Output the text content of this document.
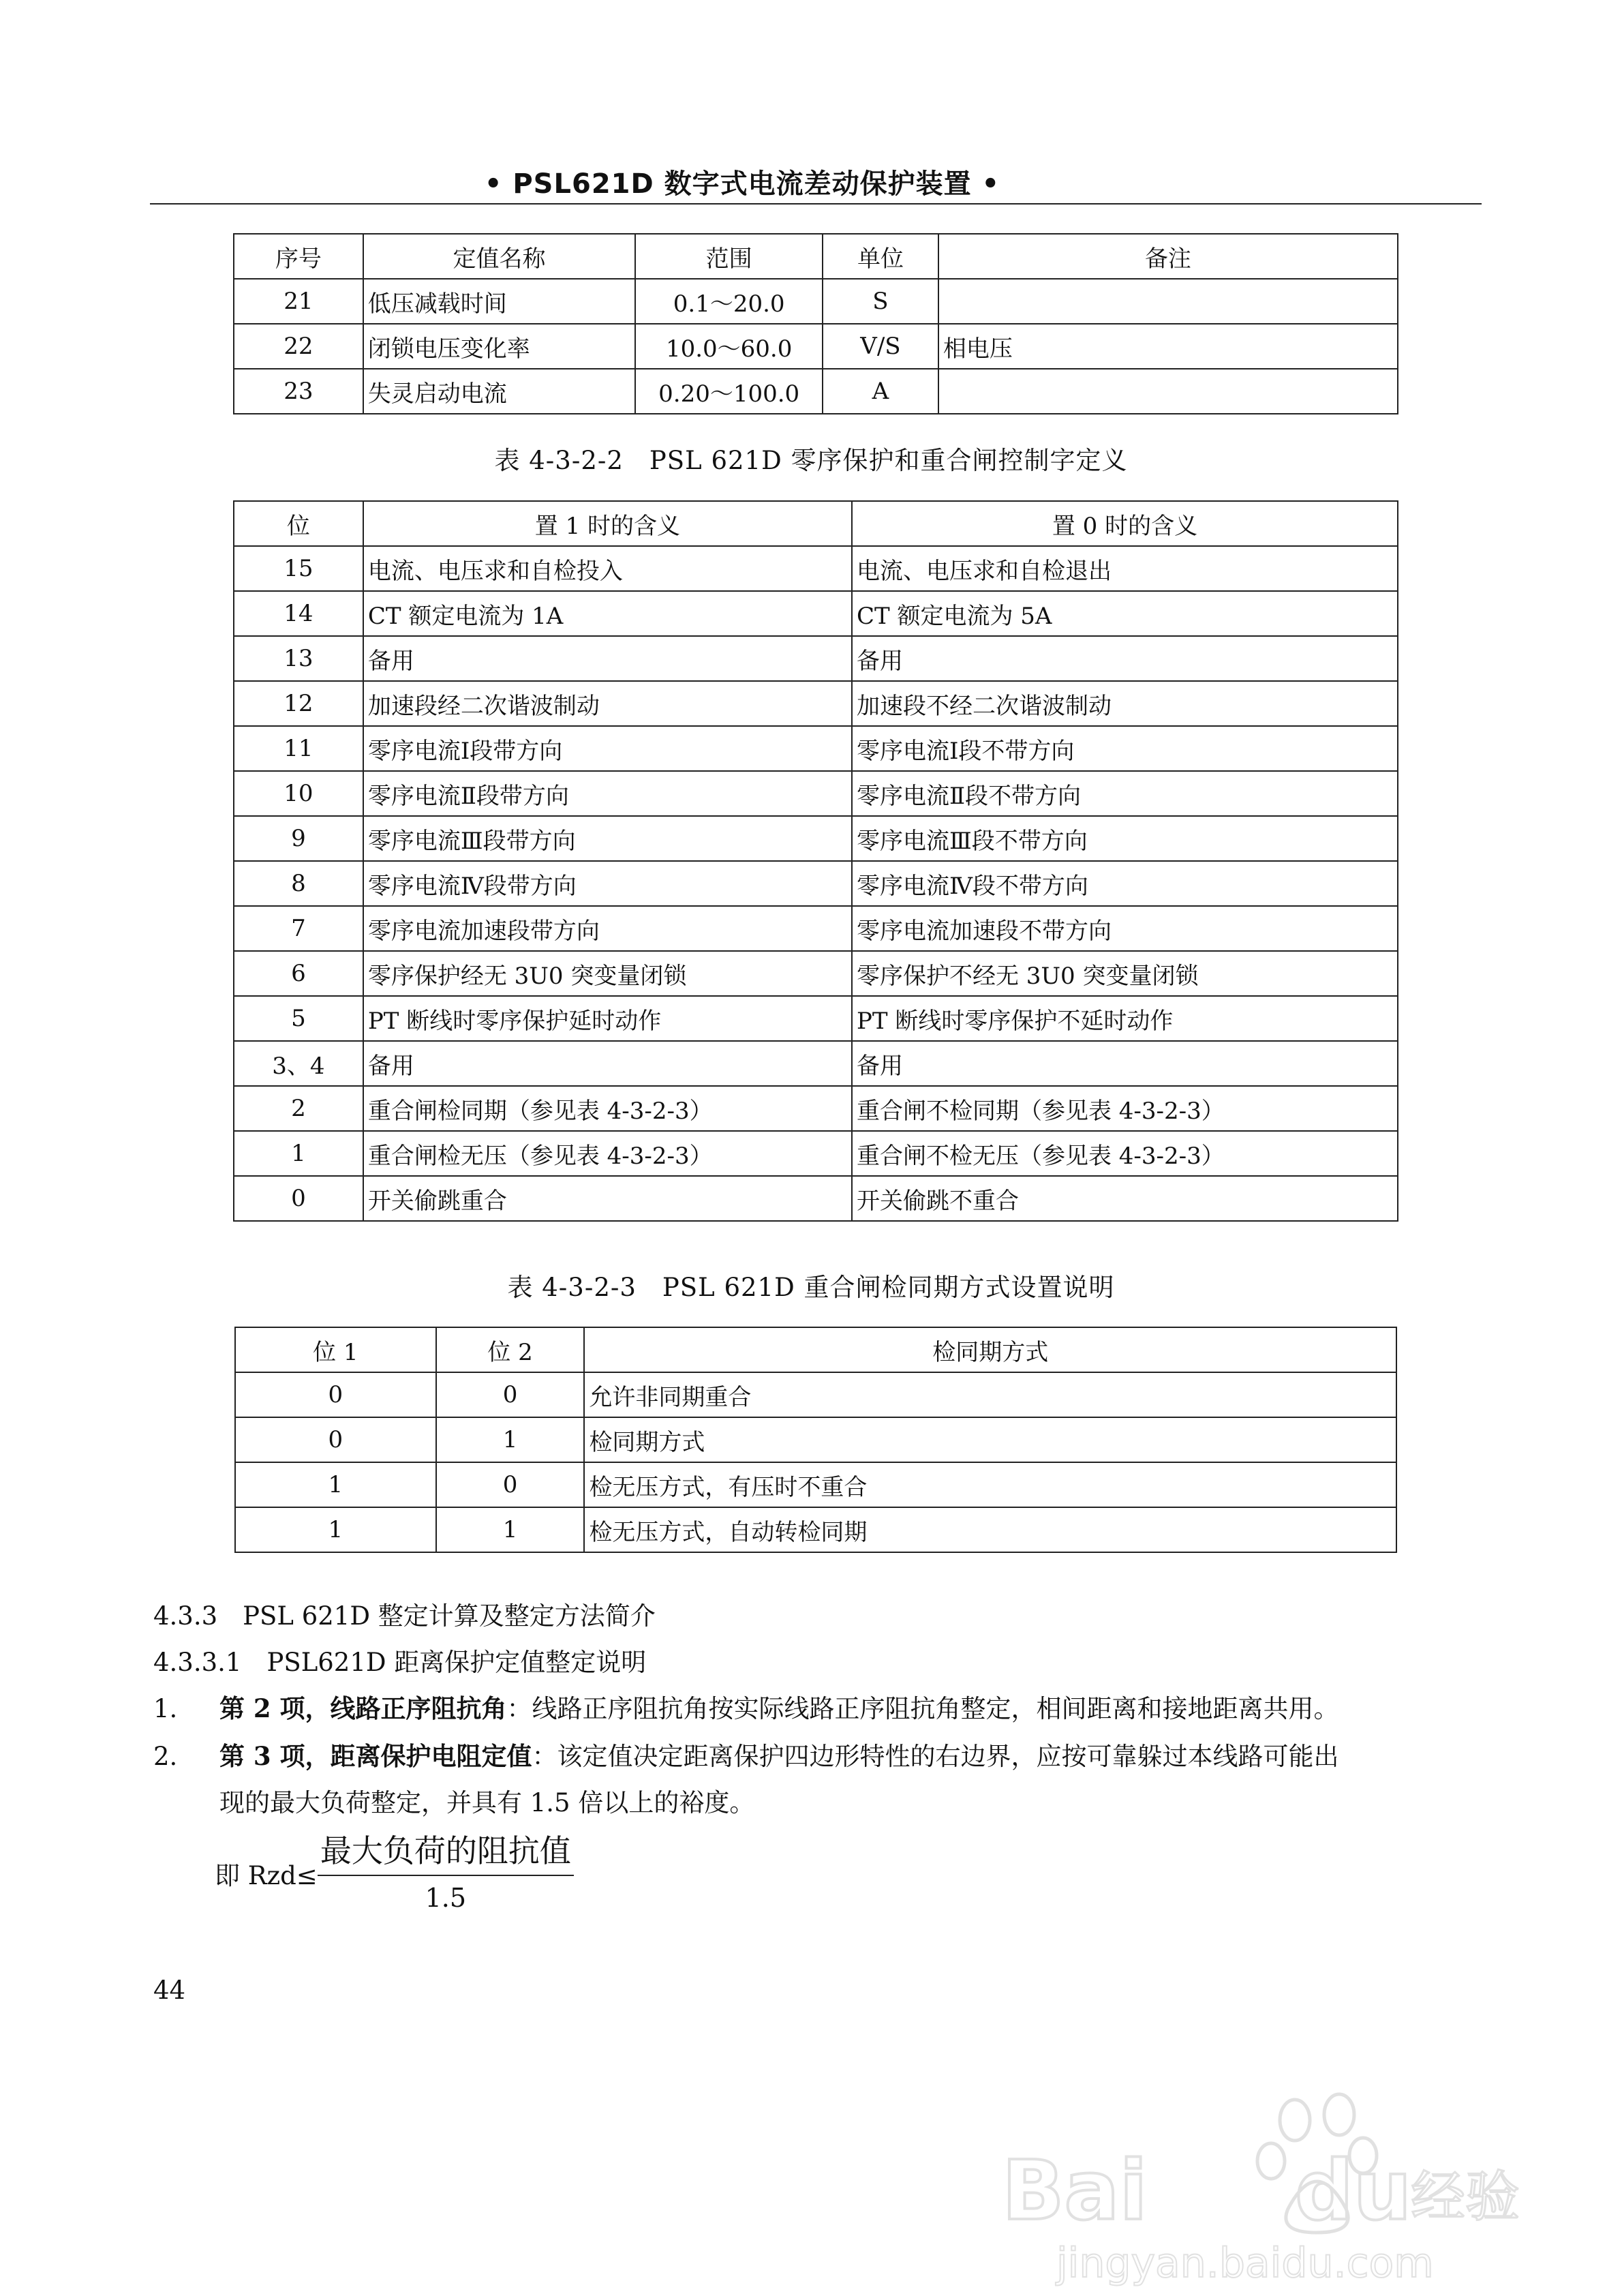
• PSL621D 数字式电流差动保护装置 •
序号	定值名称	范围	单位	备注
21	低压减载时间	0.1～20.0	S	
22	闭锁电压变化率	10.0～60.0	V/S	相电压
23	失灵启动电流	0.20～100.0	A	
表 4-3-2-2　PSL 621D 零序保护和重合闸控制字定义
位	置 1 时的含义	置 0 时的含义
15	电流、电压求和自检投入	电流、电压求和自检退出
14	CT 额定电流为 1A	CT 额定电流为 5A
13	备用	备用
12	加速段经二次谐波制动	加速段不经二次谐波制动
11	零序电流Ⅰ段带方向	零序电流Ⅰ段不带方向
10	零序电流Ⅱ段带方向	零序电流Ⅱ段不带方向
9	零序电流Ⅲ段带方向	零序电流Ⅲ段不带方向
8	零序电流Ⅳ段带方向	零序电流Ⅳ段不带方向
7	零序电流加速段带方向	零序电流加速段不带方向
6	零序保护经无 3U0 突变量闭锁	零序保护不经无 3U0 突变量闭锁
5	PT 断线时零序保护延时动作	PT 断线时零序保护不延时动作
3、4	备用	备用
2	重合闸检同期（参见表 4-3-2-3）	重合闸不检同期（参见表 4-3-2-3）
1	重合闸检无压（参见表 4-3-2-3）	重合闸不检无压（参见表 4-3-2-3）
0	开关偷跳重合	开关偷跳不重合
表 4-3-2-3　PSL 621D 重合闸检同期方式设置说明
位 1	位 2	检同期方式
0	0	允许非同期重合
0	1	检同期方式
1	0	检无压方式，有压时不重合
1	1	检无压方式，自动转检同期
4.3.3　PSL 621D 整定计算及整定方法简介
4.3.3.1　PSL621D 距离保护定值整定说明
1. 第 2 项，线路正序阻抗角：线路正序阻抗角按实际线路正序阻抗角整定，相间距离和接地距离共用。
2. 第 3 项，距离保护电阻定值：该定值决定距离保护四边形特性的右边界，应按可靠躲过本线路可能出
现的最大负荷整定，并具有 1.5 倍以上的裕度。
即 $Rzd\le \frac{\text{最大负荷的阻抗值}}{1.5}$
44
Bai du
经验
jingyan.baidu.com
